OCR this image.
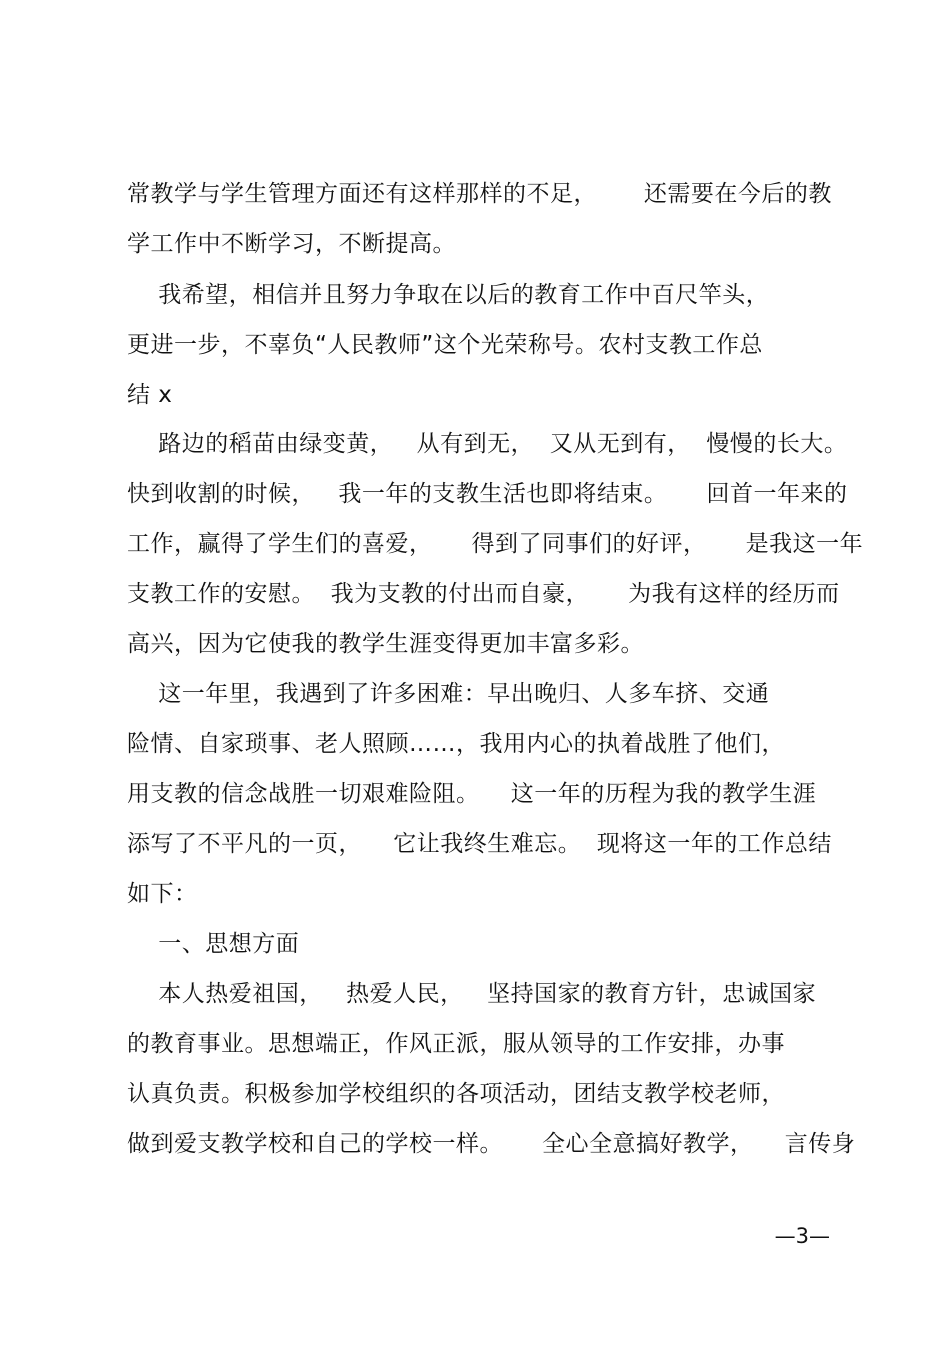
常教学与学生管理方面还有这样那样的不足，      还需要在今后的教
学工作中不断学习，不断提高。
我希望，相信并且努力争取在以后的教育工作中百尺竿头，
更进一步，不辜负“人民教师”这个光荣称号。农村支教工作总
结 x
路边的稻苗由绿变黄，   从有到无，  又从无到有，  慢慢的长大。
快到收割的时候，   我一年的支教生活也即将结束。     回首一年来的
工作，赢得了学生们的喜爱，     得到了同事们的好评，     是我这一年
支教工作的安慰。  我为支教的付出而自豪，     为我有这样的经历而
高兴，因为它使我的教学生涯变得更加丰富多彩。
这一年里，我遇到了许多困难：早出晚归、人多车挤、交通
险情、自家琐事、老人照顾……，我用内心的执着战胜了他们，
用支教的信念战胜一切艰难险阻。    这一年的历程为我的教学生涯
添写了不平凡的一页，    它让我终生难忘。  现将这一年的工作总结
如下：
一、思想方面
本人热爱祖国，   热爱人民，   坚持国家的教育方针，忠诚国家
的教育事业。思想端正，作风正派，服从领导的工作安排，办事
认真负责。积极参加学校组织的各项活动，团结支教学校老师，
做到爱支教学校和自己的学校一样。     全心全意搞好教学，    言传身
—3—
